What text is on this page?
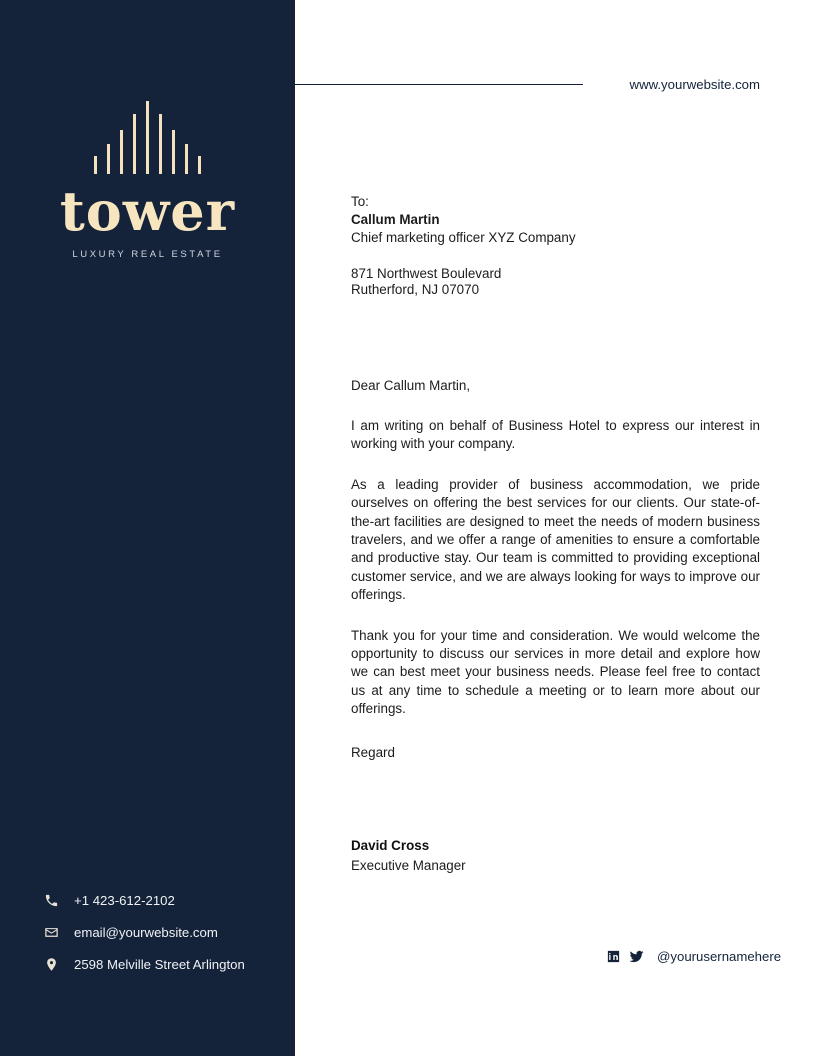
tower
LUXURY REAL ESTATE
+1 423-612-2102
email@yourwebsite.com
2598 Melville Street Arlington
www.yourwebsite.com
To:
Callum Martin
Chief marketing officer XYZ Company
871 Northwest Boulevard
Rutherford, NJ 07070
Dear Callum Martin,

I am writing on behalf of Business Hotel to express our interest in working with your company.

As a leading provider of business accommodation, we pride ourselves on offering the best services for our clients. Our state-of-the-art facilities are designed to meet the needs of modern business travelers, and we offer a range of amenities to ensure a comfortable and productive stay. Our team is committed to providing exceptional customer service, and we are always looking for ways to improve our offerings.

Thank you for your time and consideration. We would welcome the opportunity to discuss our services in more detail and explore how we can best meet your business needs. Please feel free to contact us at any time to schedule a meeting or to learn more about our offerings.

Regard
David Cross
Executive Manager
@yourusernamehere
